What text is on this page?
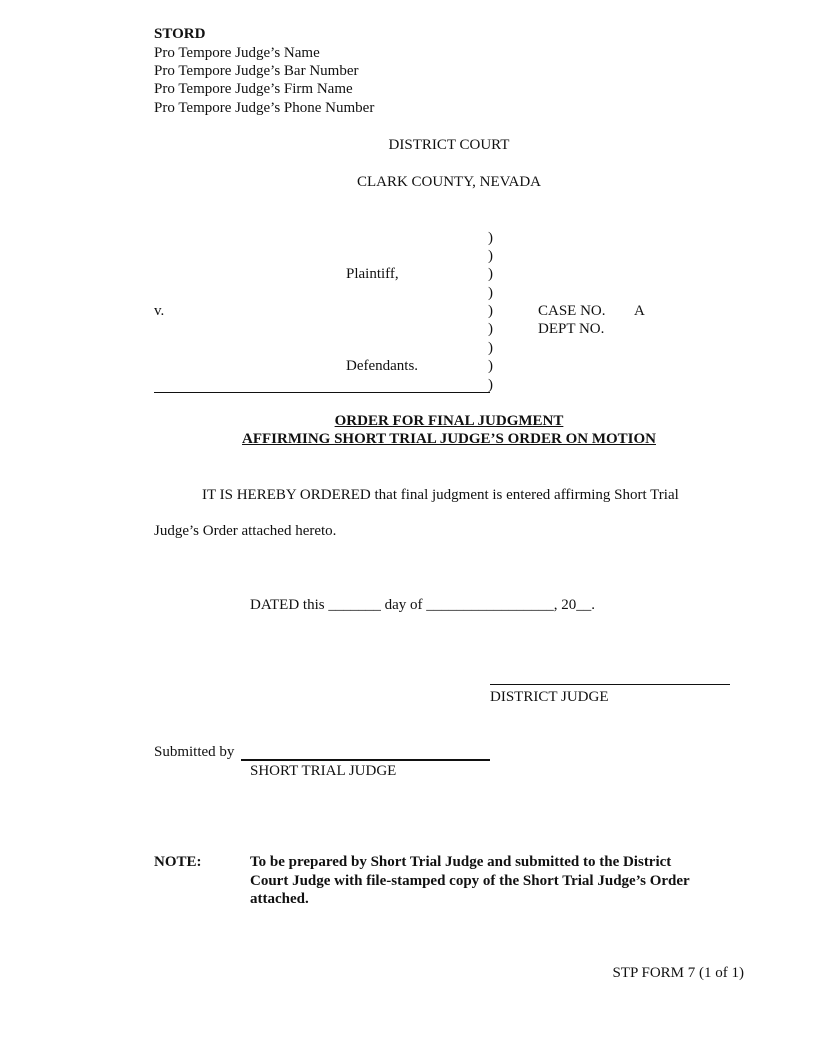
STORD
Pro Tempore Judge’s Name
Pro Tempore Judge’s Bar Number
Pro Tempore Judge’s Firm Name
Pro Tempore Judge’s Phone Number
DISTRICT COURT
CLARK COUNTY, NEVADA
)
)
)
)
)
)
)
)
)
Plaintiff,
v.
Defendants.
CASE NO. A
DEPT NO.
ORDER FOR FINAL JUDGMENT
AFFIRMING SHORT TRIAL JUDGE’S ORDER ON MOTION
IT IS HEREBY ORDERED that final judgment is entered affirming Short Trial
Judge’s Order attached hereto.
DATED this _______ day of _________________, 20__.
DISTRICT JUDGE
Submitted by
SHORT TRIAL JUDGE
NOTE:	To be prepared by Short Trial Judge and submitted to the District
Court Judge with file-stamped copy of the Short Trial Judge’s Order
attached.
STP FORM 7 (1 of 1)
